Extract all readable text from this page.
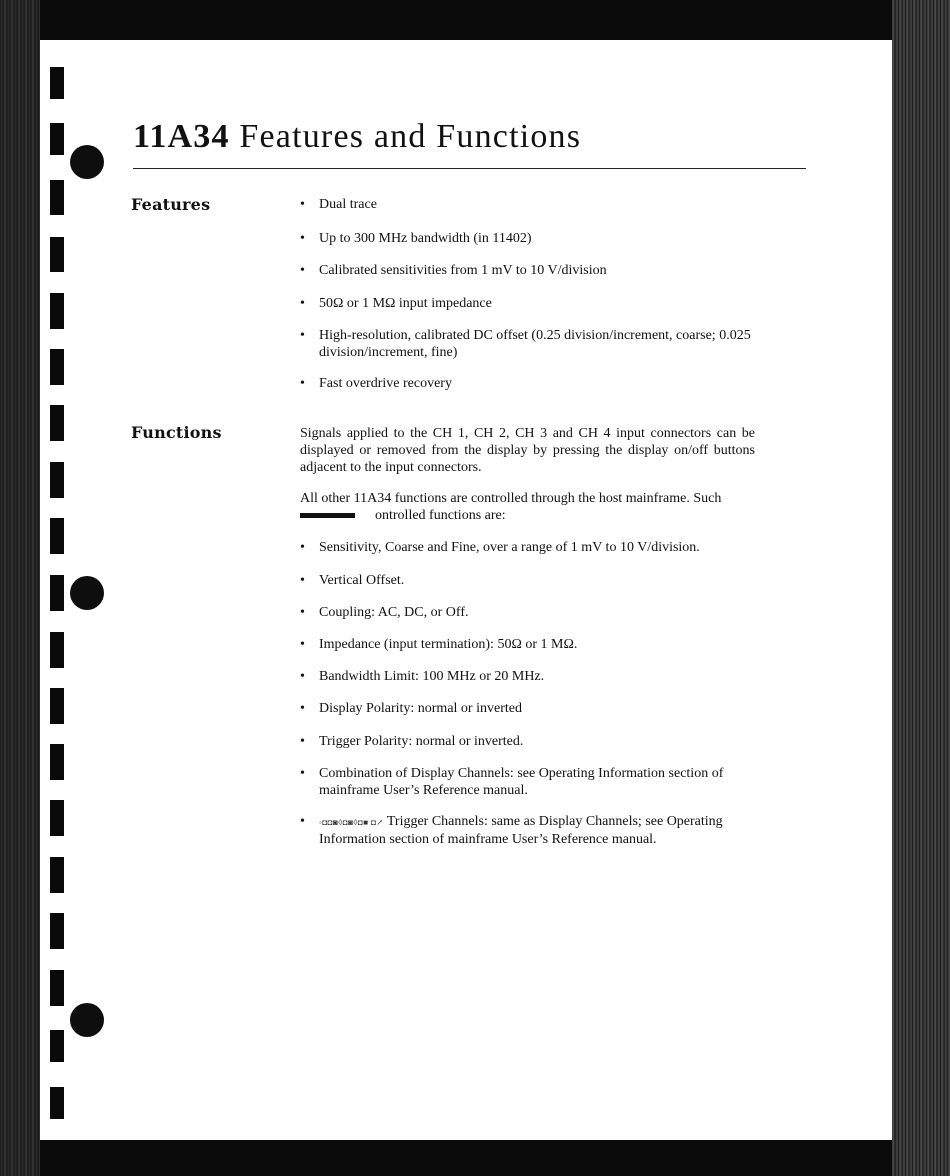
11A34 Features and Functions
Features	• Dual trace
• Up to 300 MHz bandwidth (in 11402)
• Calibrated sensitivities from 1 mV to 10 V/division
• 50Ω or 1 MΩ input impedance
• High-resolution, calibrated DC offset (0.25 division/increment, coarse; 0.025 division/increment, fine)
• Fast overdrive recovery
Functions	Signals applied to the CH 1, CH 2, CH 3 and CH 4 input connectors can be displayed or removed from the display by pressing the display on/off buttons adjacent to the input connectors.
All other 11A34 functions are controlled through the host mainframe. Such
ontrolled functions are:
• Sensitivity, Coarse and Fine, over a range of 1 mV to 10 V/division.
• Vertical Offset.
• Coupling: AC, DC, or Off.
• Impedance (input termination): 50Ω or 1 MΩ.
• Bandwidth Limit: 100 MHz or 20 MHz.
• Display Polarity: normal or inverted
• Trigger Polarity: normal or inverted.
• Combination of Display Channels: see Operating Information section of mainframe User’s Reference manual.
• ◦◘◘◙◊◘◙◊◘■ ◘↗ Trigger Channels: same as Display Channels; see Operating Information section of mainframe User’s Reference manual.
